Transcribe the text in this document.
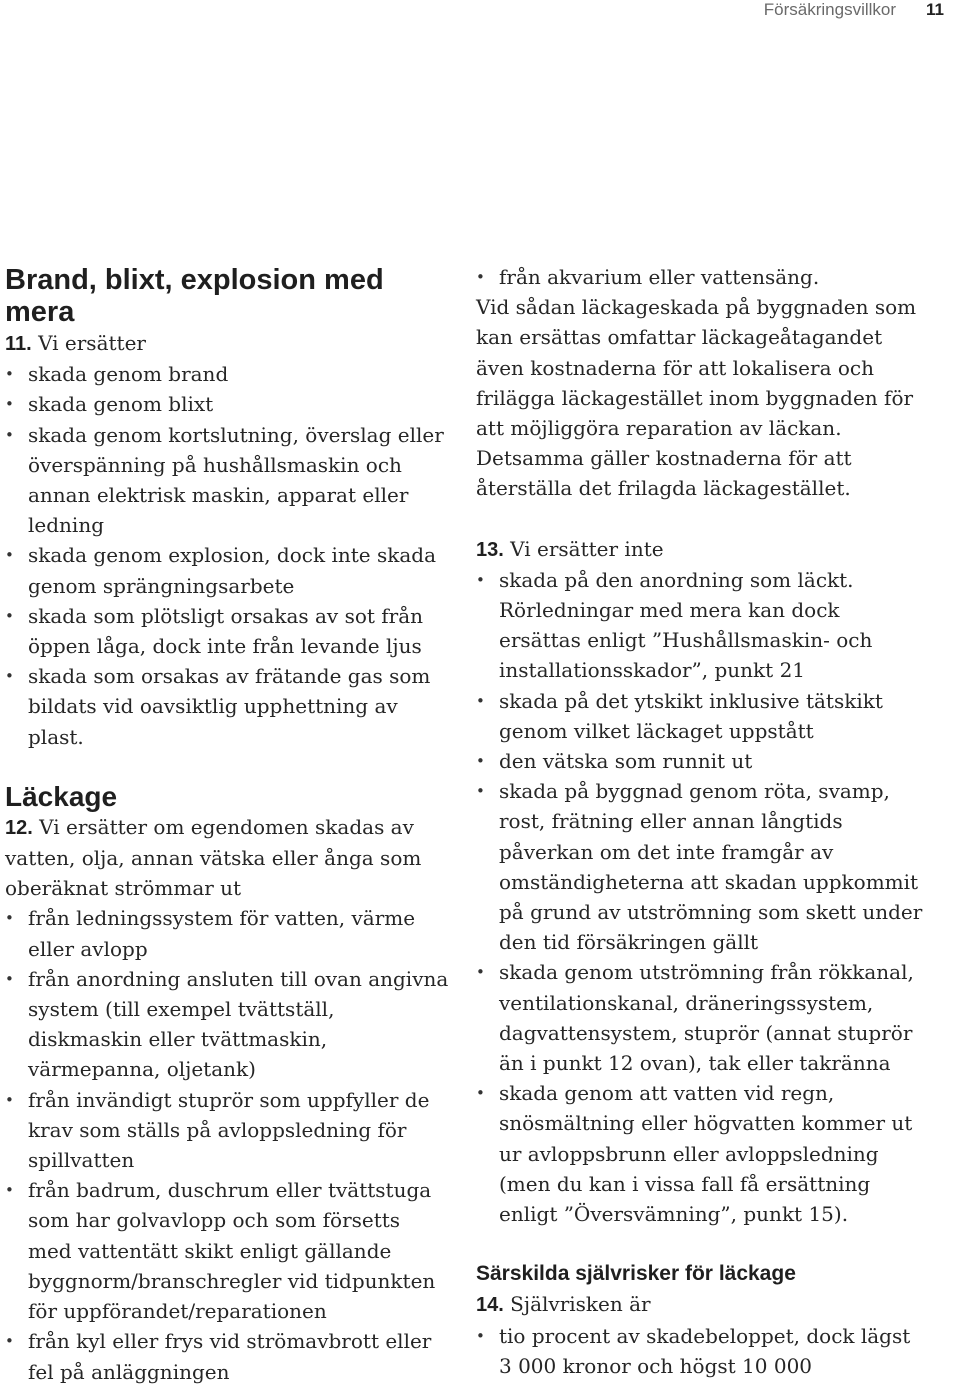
Försäkringsvillkor 11
Brand, blixt, explosion med mera

11. Vi ersätter

• skada genom brand
• skada genom blixt
• skada genom kortslutning, överslag eller överspänning på hushållsmaskin och annan elektrisk maskin, apparat eller ledning
• skada genom explosion, dock inte skada genom sprängningsarbete
• skada som plötsligt orsakas av sot från öppen låga, dock inte från levande ljus
• skada som orsakas av frätande gas som bildats vid oavsiktlig upphettning av plast.
Läckage

12. Vi ersätter om egendomen skadas av vatten, olja, annan vätska eller ånga som oberäknat strömmar ut

• från ledningssystem för vatten, värme eller avlopp
• från anordning ansluten till ovan angivna system (till exempel tvättställ, diskmaskin eller tvättmaskin, värmepanna, oljetank)
• från invändigt stuprör som uppfyller de krav som ställs på avloppsledning för spillvatten
• från badrum, duschrum eller tvättstuga som har golvavlopp och som försetts med vattentätt skikt enligt gällande byggnorm/branschregler vid tidpunkten för uppförandet/reparationen
• från kyl eller frys vid strömavbrott eller fel på anläggningen
• från akvarium eller vattensäng.

Vid sådan läckageskada på byggnaden som kan ersättas omfattar läckageåtagandet även kostnaderna för att lokalisera och frilägga läckagestället inom byggnaden för att möjliggöra reparation av läckan. Detsamma gäller kostnaderna för att återställa det frilagda läckagestället.

13. Vi ersätter inte

• skada på den anordning som läckt. Rörledningar med mera kan dock ersättas enligt ”Hushållsmaskin- och installationsskador”, punkt 21
• skada på det ytskikt inklusive tätskikt genom vilket läckaget uppstått
• den vätska som runnit ut
• skada på byggnad genom röta, svamp, rost, frätning eller annan långtids påverkan om det inte framgår av omständigheterna att skadan uppkommit på grund av utströmning som skett under den tid försäkringen gällt
• skada genom utströmning från rökkanal, ventilationskanal, dräneringssystem, dagvattensystem, stuprör (annat stuprör än i punkt 12 ovan), tak eller takränna
• skada genom att vatten vid regn, snösmältning eller högvatten kommer ut ur avloppsbrunn eller avloppsledning (men du kan i vissa fall få ersättning enligt ”Översvämning”, punkt 15).
Särskilda självrisker för läckage

14. Självrisken är

• tio procent av skadebeloppet, dock lägst 3 000 kronor och högst 10 000
